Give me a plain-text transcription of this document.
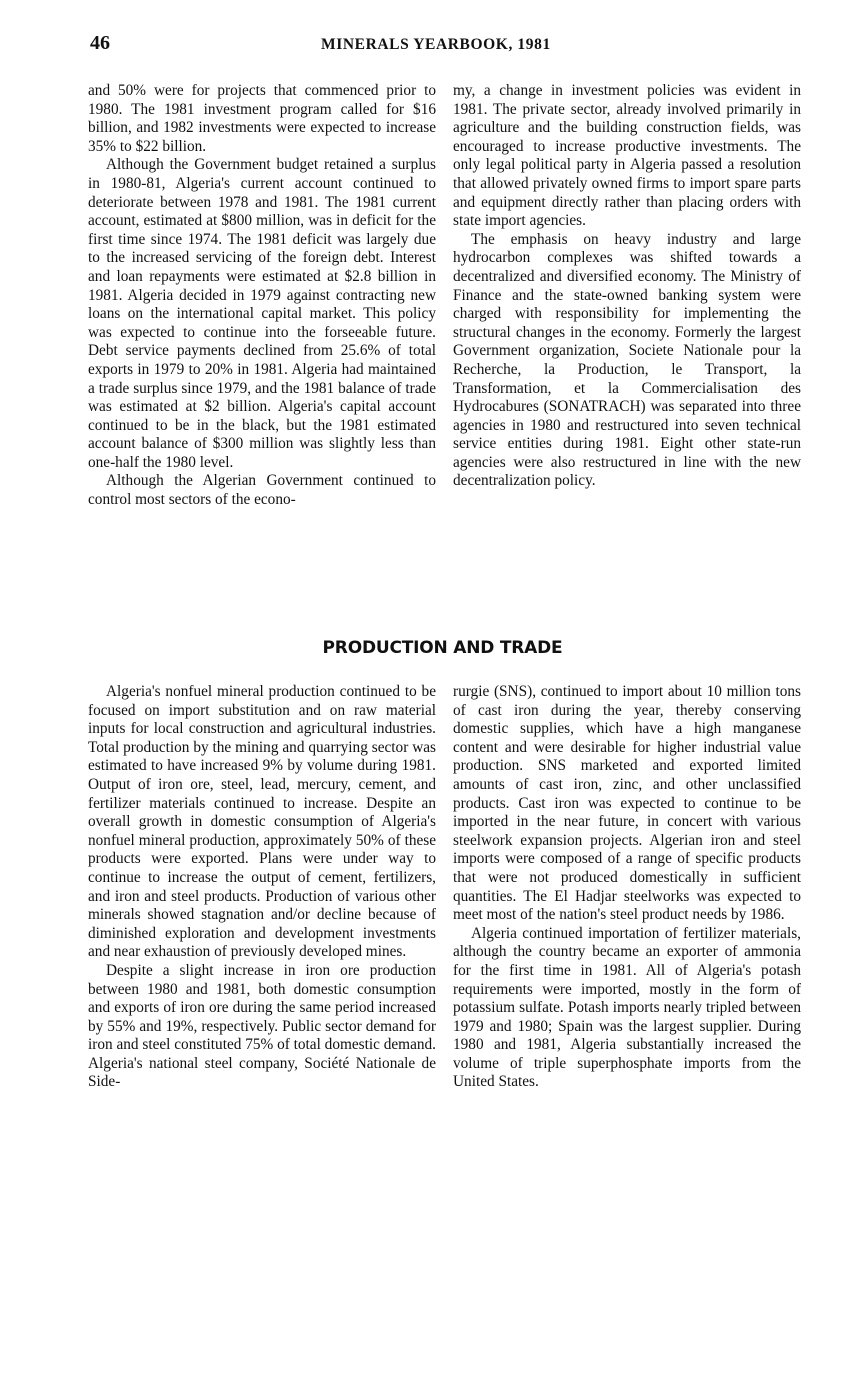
46	MINERALS YEARBOOK, 1981

and 50% were for projects that commenced prior to 1980. The 1981 investment program called for $16 billion, and 1982 investments were expected to increase 35% to $22 billion.

Although the Government budget retained a surplus in 1980-81, Algeria's current account continued to deteriorate between 1978 and 1981. The 1981 current account, estimated at $800 million, was in deficit for the first time since 1974. The 1981 deficit was largely due to the increased servicing of the foreign debt. Interest and loan repayments were estimated at $2.8 billion in 1981. Algeria decided in 1979 against contracting new loans on the international capital market. This policy was expected to continue into the forseeable future. Debt service payments declined from 25.6% of total exports in 1979 to 20% in 1981. Algeria had maintained a trade surplus since 1979, and the 1981 balance of trade was estimated at $2 billion. Algeria's capital account continued to be in the black, but the 1981 estimated account balance of $300 million was slightly less than one-half the 1980 level.

Although the Algerian Government continued to control most sectors of the econo-

my, a change in investment policies was evident in 1981. The private sector, already involved primarily in agriculture and the building construction fields, was encouraged to increase productive investments. The only legal political party in Algeria passed a resolution that allowed privately owned firms to import spare parts and equipment directly rather than placing orders with state import agencies.

The emphasis on heavy industry and large hydrocarbon complexes was shifted towards a decentralized and diversified economy. The Ministry of Finance and the state-owned banking system were charged with responsibility for implementing the structural changes in the economy. Formerly the largest Government organization, Societe Nationale pour la Recherche, la Production, le Transport, la Transformation, et la Commercialisation des Hydrocabures (SONATRACH) was separated into three agencies in 1980 and restructured into seven technical service entities during 1981. Eight other state-run agencies were also restructured in line with the new decentralization policy.

PRODUCTION AND TRADE

Algeria's nonfuel mineral production continued to be focused on import substitution and on raw material inputs for local construction and agricultural industries. Total production by the mining and quarrying sector was estimated to have increased 9% by volume during 1981. Output of iron ore, steel, lead, mercury, cement, and fertilizer materials continued to increase. Despite an overall growth in domestic consumption of Algeria's nonfuel mineral production, approximately 50% of these products were exported. Plans were under way to continue to increase the output of cement, fertilizers, and iron and steel products. Production of various other minerals showed stagnation and/or decline because of diminished exploration and development investments and near exhaustion of previously developed mines.

Despite a slight increase in iron ore production between 1980 and 1981, both domestic consumption and exports of iron ore during the same period increased by 55% and 19%, respectively. Public sector demand for iron and steel constituted 75% of total domestic demand. Algeria's national steel company, Société Nationale de Side-

rurgie (SNS), continued to import about 10 million tons of cast iron during the year, thereby conserving domestic supplies, which have a high manganese content and were desirable for higher industrial value production. SNS marketed and exported limited amounts of cast iron, zinc, and other unclassified products. Cast iron was expected to continue to be imported in the near future, in concert with various steelwork expansion projects. Algerian iron and steel imports were composed of a range of specific products that were not produced domestically in sufficient quantities. The El Hadjar steelworks was expected to meet most of the nation's steel product needs by 1986.

Algeria continued importation of fertilizer materials, although the country became an exporter of ammonia for the first time in 1981. All of Algeria's potash requirements were imported, mostly in the form of potassium sulfate. Potash imports nearly tripled between 1979 and 1980; Spain was the largest supplier. During 1980 and 1981, Algeria substantially increased the volume of triple superphosphate imports from the United States.
